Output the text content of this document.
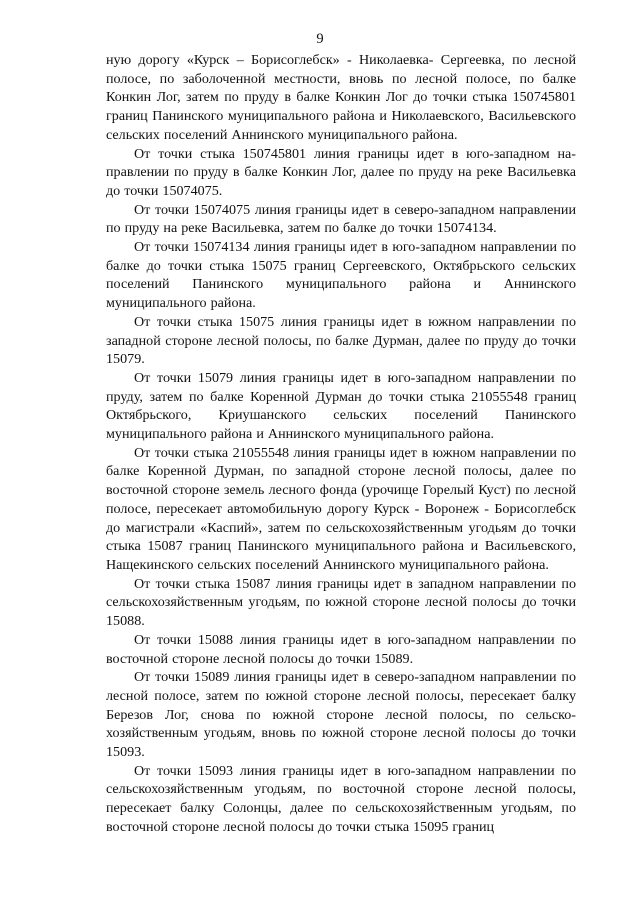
9

ную дорогу «Курск – Борисоглебск» - Николаевка- Сергеевка, по лесной полосе, по заболоченной местности, вновь по лесной полосе, по балке Конкин Лог, затем по пруду в балке Конкин Лог до точки стыка 150745801 границ Панинского муниципального района и Николаевского, Васильевского сельских поселений Аннинского муниципального района.

От точки стыка 150745801 линия границы идет в юго-западном направлении по пруду в балке Конкин Лог, далее по пруду на реке Васильевка до точки 15074075.

От точки 15074075 линия границы идет в северо-западном направлении по пруду на реке Васильевка, затем по балке до точки 15074134.

От точки 15074134 линия границы идет в юго-западном направлении по балке до точки стыка 15075 границ Сергеевского, Октябрьского сельских поселений Панинского муниципального района и Аннинского муниципального района.

От точки стыка 15075 линия границы идет в южном направлении по западной стороне лесной полосы, по балке Дурман, далее по пруду до точки 15079.

От точки 15079 линия границы идет в юго-западном направлении по пруду, затем по балке Коренной Дурман до точки стыка 21055548 границ Октябрьского, Криушанского сельских поселений Панинского муниципального района и Аннинского муниципального района.

От точки стыка 21055548 линия границы идет в южном направлении по балке Коренной Дурман, по западной стороне лесной полосы, далее по восточной стороне земель лесного фонда (урочище Горелый Куст) по лесной полосе, пересекает автомобильную дорогу Курск - Воронеж - Борисоглебск до магистрали «Каспий», затем по сельскохозяйственным угодьям до точки стыка 15087 границ Панинского муниципального района и Васильевского, Нащекинского сельских поселений Аннинского муниципального района.

От точки стыка 15087 линия границы идет в западном направлении по сельскохозяйственным угодьям, по южной стороне лесной полосы до точки 15088.

От точки 15088 линия границы идет в юго-западном направлении по восточной стороне лесной полосы до точки 15089.

От точки 15089 линия границы идет в северо-западном направлении по лесной полосе, затем по южной стороне лесной полосы, пересекает балку Березов Лог, снова по южной стороне лесной полосы, по сельскохозяйственным угодьям, вновь по южной стороне лесной полосы до точки 15093.

От точки 15093 линия границы идет в юго-западном направлении по сельскохозяйственным угодьям, по восточной стороне лесной полосы, пересекает балку Солонцы, далее по сельскохозяйственным угодьям, по восточной стороне лесной полосы до точки стыка 15095 границ
